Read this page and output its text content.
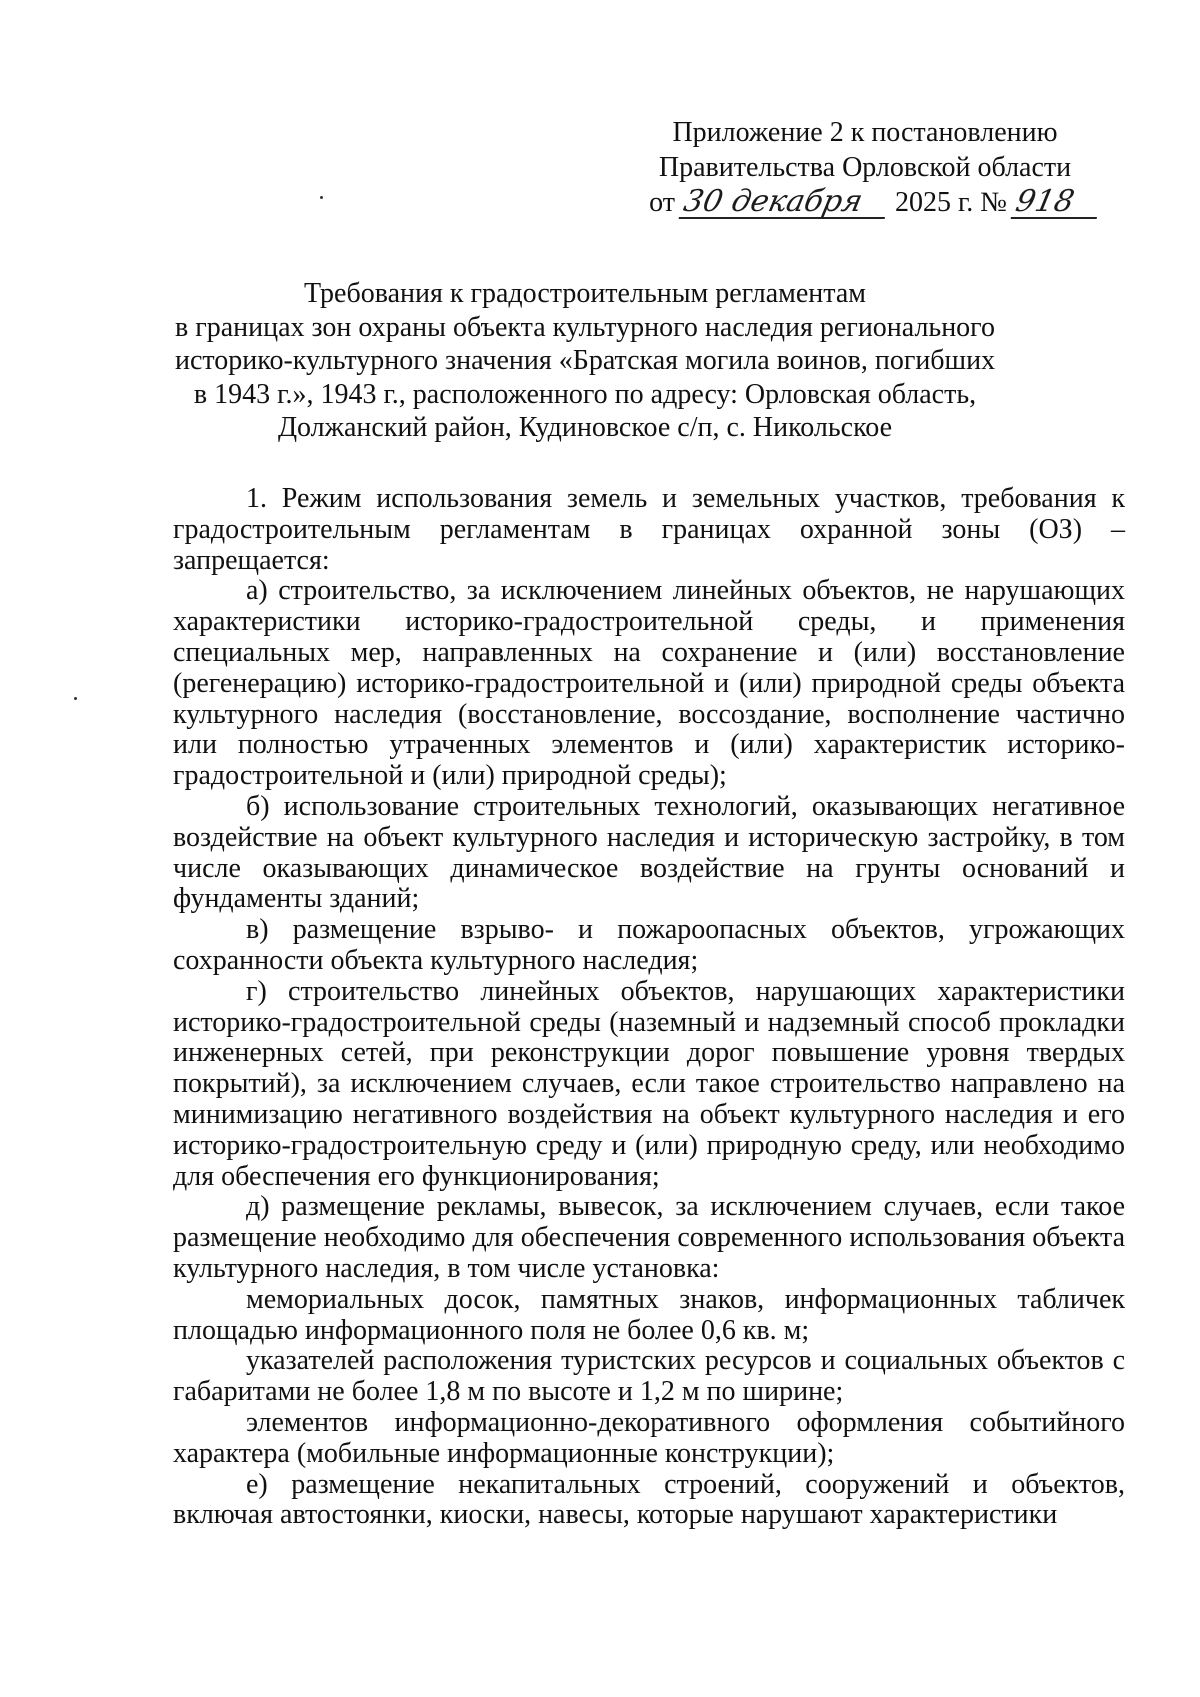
Приложение 2 к постановлению
Правительства Орловской области
от 30 декабря 2025 г. № 918
Требования к градостроительным регламентам
в границах зон охраны объекта культурного наследия регионального
историко-культурного значения «Братская могила воинов, погибших
в 1943 г.», 1943 г., расположенного по адресу: Орловская область,
Должанский район, Кудиновское с/п, с. Никольское

1. Режим использования земель и земельных участков, требования к градостроительным регламентам в границах охранной зоны (ОЗ) – запрещается:

а) строительство, за исключением линейных объектов, не нарушающих характеристики историко-градостроительной среды, и применения специальных мер, направленных на сохранение и (или) восстановление (регенерацию) историко-градостроительной и (или) природной среды объекта культурного наследия (восстановление, воссоздание, восполнение частично или полностью утраченных элементов и (или) характеристик историко-градостроительной и (или) природной среды);

б) использование строительных технологий, оказывающих негативное воздействие на объект культурного наследия и историческую застройку, в том числе оказывающих динамическое воздействие на грунты оснований и фундаменты зданий;

в) размещение взрыво- и пожароопасных объектов, угрожающих сохранности объекта культурного наследия;

г) строительство линейных объектов, нарушающих характеристики историко-градостроительной среды (наземный и надземный способ прокладки инженерных сетей, при реконструкции дорог повышение уровня твердых покрытий), за исключением случаев, если такое строительство направлено на минимизацию негативного воздействия на объект культурного наследия и его историко-градостроительную среду и (или) природную среду, или необходимо для обеспечения его функционирования;

д) размещение рекламы, вывесок, за исключением случаев, если такое размещение необходимо для обеспечения современного использования объекта культурного наследия, в том числе установка:

мемориальных досок, памятных знаков, информационных табличек площадью информационного поля не более 0,6 кв. м;

указателей расположения туристских ресурсов и социальных объектов с габаритами не более 1,8 м по высоте и 1,2 м по ширине;

элементов информационно-декоративного оформления событийного характера (мобильные информационные конструкции);

е) размещение некапитальных строений, сооружений и объектов, включая автостоянки, киоски, навесы, которые нарушают характеристики
